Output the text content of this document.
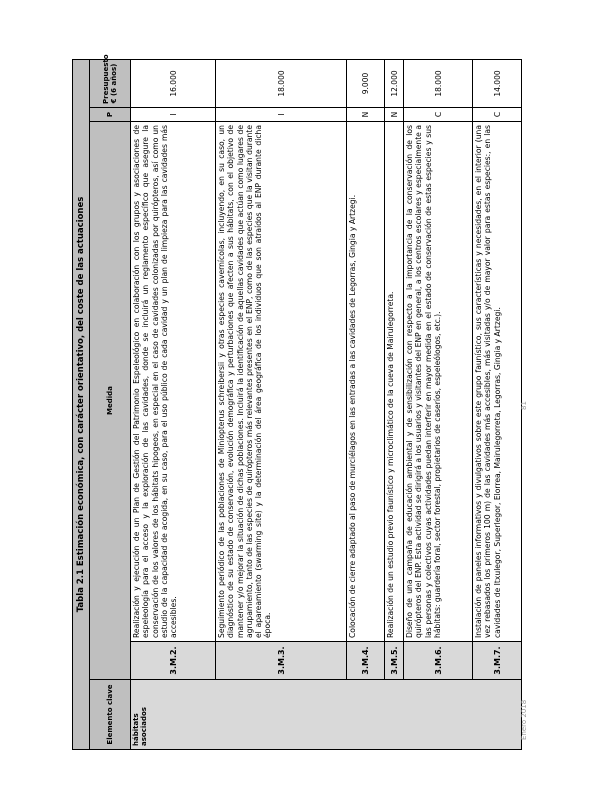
Tabla 2.1 Estimación económica, con carácter orientativo, del coste de las actuaciones				
Elemento clave	Medida		P	Presupuesto € (6 años)
hábitats asociados	3.M.2.	Realización y ejecución de un Plan de Gestión del Patrimonio Espeleológico en colaboración con los grupos y asociaciones de espeleología para el acceso y la exploración de las cavidades, donde se incluirá un reglamento específico que asegure la conservación de los valores de los hábitats hipogeos, en especial en el caso de cavidades colonizadas por quirópteros, así como un estudio de la capacidad de acogida, en su caso, para el uso público de cada cavidad y un plan de limpieza para las cavidades más accesibles.	I	16.000
	3.M.3.	Seguimiento periódico de las poblaciones de Miniopterus schreibersii y otras especies cavernícolas, incluyendo, en su caso, un diagnóstico de su estado de conservación, evolución demográfica y perturbaciones que afecten a sus hábitats, con el objetivo de mantener y/o mejorar la situación de dichas poblaciones. Incluirá la identificación de aquellas cavidades que actúan como lugares de agrupamiento, tanto de las especies de quirópteros más relevantes presentes en el ENP, como de las especies que la visitan durante el apareamiento (swarming site) y la determinación del área geográfica de los individuos que son atraídos al ENP durante dicha época.	I	18.000
	3.M.4.	Colocación de cierre adaptado al paso de murciélagos en las entradas a las cavidades de Legorras, Gingia y Artzegi.	N	9.000
	3.M.5.	Realización de un estudio previo faunístico y microclimático de la cueva de Mairulegorreta.	N	12.000
	3.M.6.	Diseño de una campaña de educación ambiental y de sensibilización con respecto a la importancia de la conservación de los quirópteros del ENP. Esta actividad se dirigirá a los usuarios y visitantes del ENP en general, a los centros escolares y especialmente a las personas y colectivos cuyas actividades puedan interferir en mayor medida en el estado de conservación de estas especies y sus hábitats: guardería foral, sector forestal, propietarios de caseríos, espeleólogos, etc.).	C	18.000
	3.M.7.	Instalación de paneles informativos y divulgativos sobre este grupo faunístico, sus características y necesidades, en el interior (una vez rebasados los primeros 100 m) de las cavidades más accesibles, más visitadas y/o de mayor valor para estas especies:, en las cavidades de Itxulegor, Superlegor, Elorrea, Mairulegorreta, Legorras, Gingia y Artzegi.	C	14.000
Enero 2018
81
